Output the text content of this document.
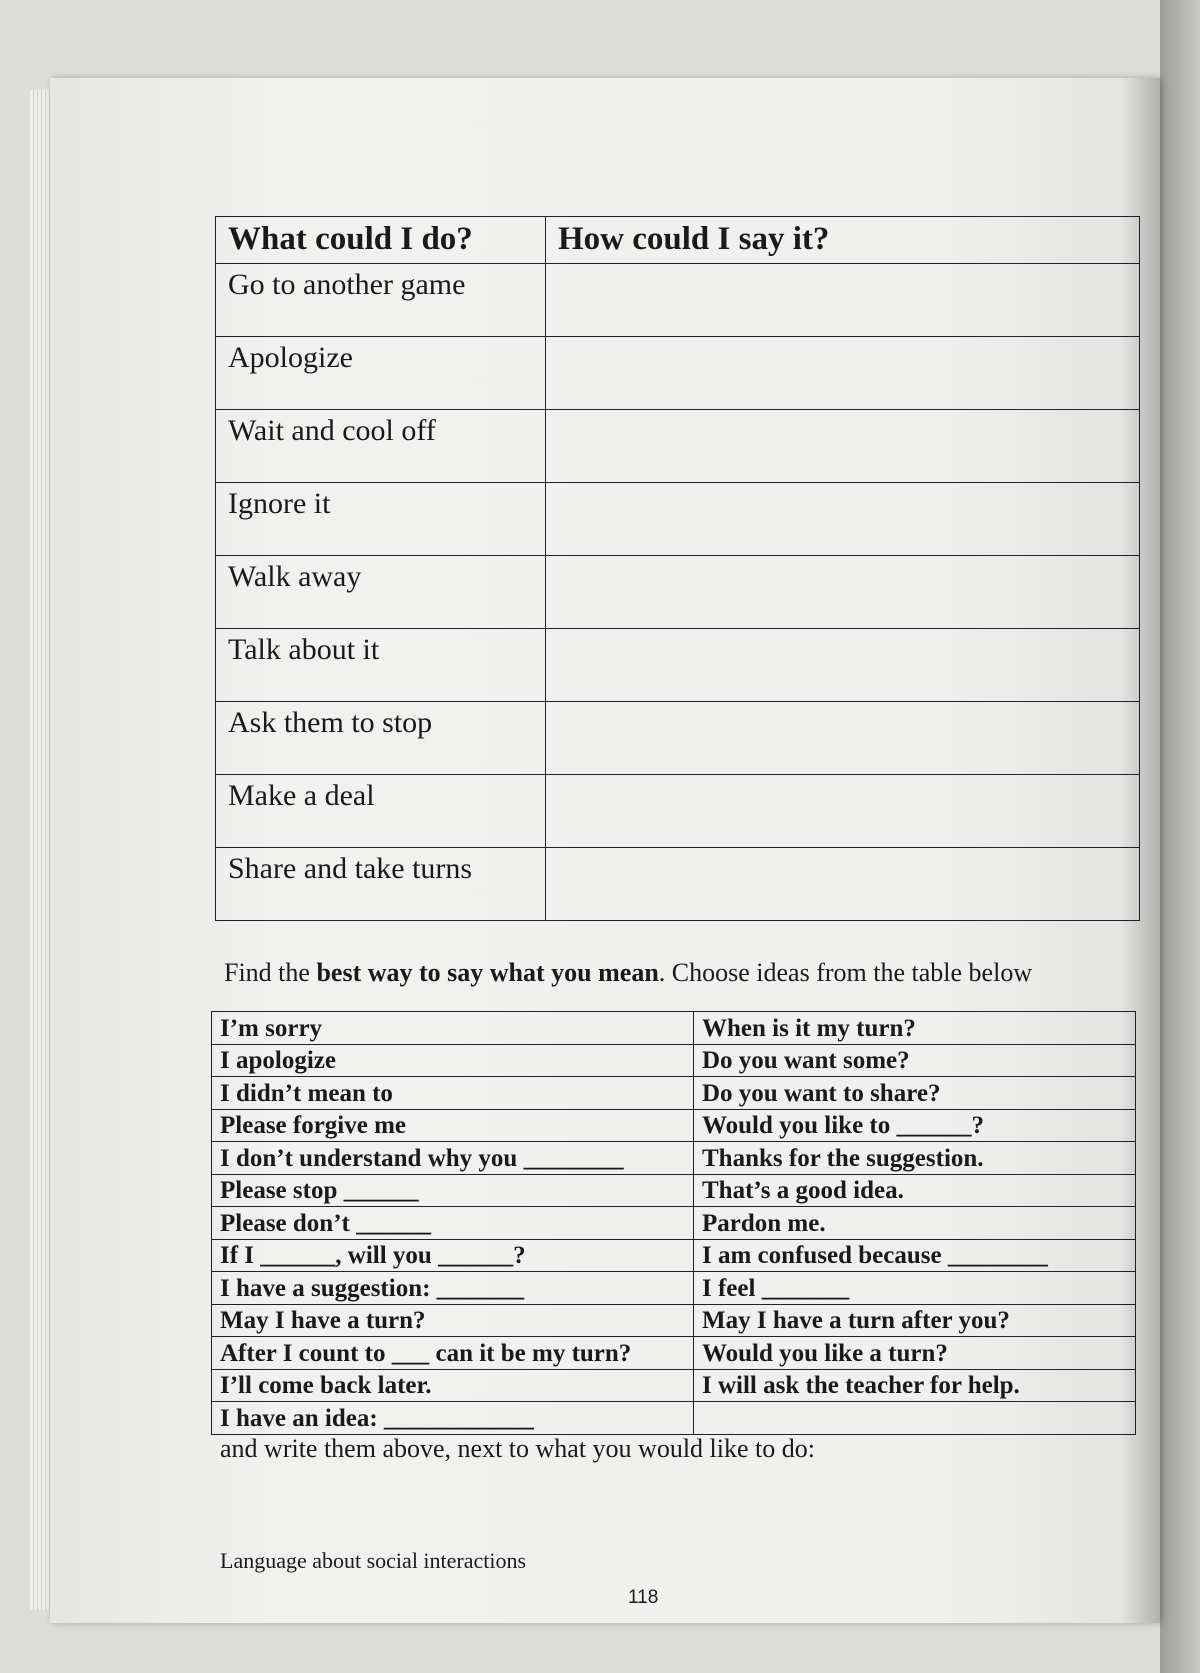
What could I do?	How could I say it?
Go to another game	
Apologize	
Wait and cool off	
Ignore it	
Walk away	
Talk about it	
Ask them to stop	
Make a deal	
Share and take turns	
Find the best way to say what you mean. Choose ideas from the table below
I’m sorry	When is it my turn?
I apologize	Do you want some?
I didn’t mean to	Do you want to share?
Please forgive me	Would you like to ______?
I don’t understand why you ________	Thanks for the suggestion.
Please stop ______	That’s a good idea.
Please don’t ______	Pardon me.
If I ______, will you ______?	I am confused because ________
I have a suggestion: _______	I feel _______
May I have a turn?	May I have a turn after you?
After I count to ___ can it be my turn?	Would you like a turn?
I’ll come back later.	I will ask the teacher for help.
I have an idea: ____________	
and write them above, next to what you would like to do:
Language about social interactions
118
